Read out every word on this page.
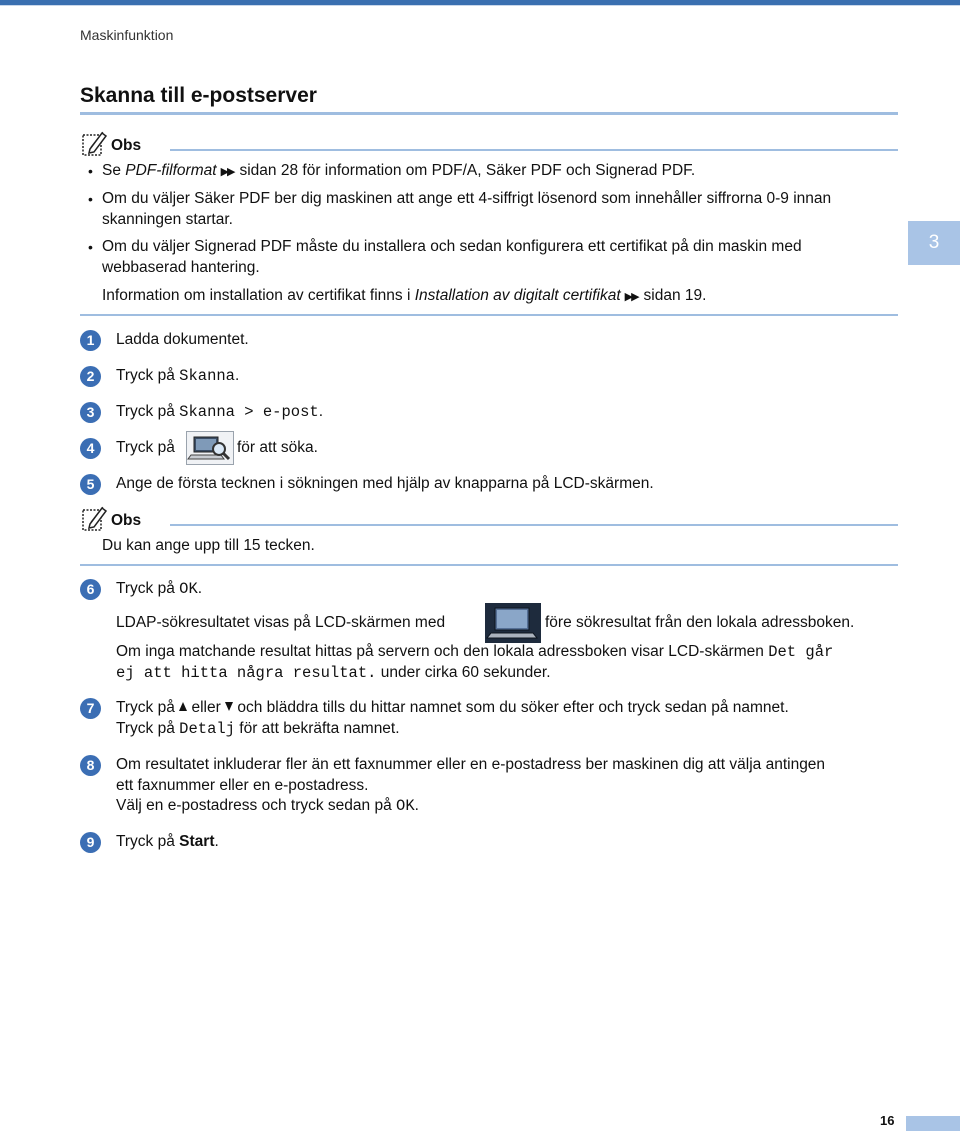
Maskinfunktion
Skanna till e-postserver
3
Obs
• Se PDF-filformat ▶▶ sidan 28 för information om PDF/A, Säker PDF och Signerad PDF.
• Om du väljer Säker PDF ber dig maskinen att ange ett 4-siffrigt lösenord som innehåller siffrorna 0-9 innan
skanningen startar.
• Om du väljer Signerad PDF måste du installera och sedan konfigurera ett certifikat på din maskin med
webbaserad hantering.
Information om installation av certifikat finns i Installation av digitalt certifikat ▶▶ sidan 19.
1	Ladda dokumentet.
2	Tryck på Skanna.
3	Tryck på Skanna > e-post.
4	Tryck på	för att söka.
5	Ange de första tecknen i sökningen med hjälp av knapparna på LCD-skärmen.
Obs
Du kan ange upp till 15 tecken.
6	Tryck på OK.
LDAP-sökresultatet visas på LCD-skärmen med	före sökresultat från den lokala adressboken.
Om inga matchande resultat hittas på servern och den lokala adressboken visar LCD-skärmen Det går
ej att hitta några resultat. under cirka 60 sekunder.
7	Tryck på  eller  och bläddra tills du hittar namnet som du söker efter och tryck sedan på namnet.
Tryck på Detalj för att bekräfta namnet.
8	Om resultatet inkluderar fler än ett faxnummer eller en e-postadress ber maskinen dig att välja antingen
ett faxnummer eller en e-postadress.
Välj en e-postadress och tryck sedan på OK.
9	Tryck på Start.
16
